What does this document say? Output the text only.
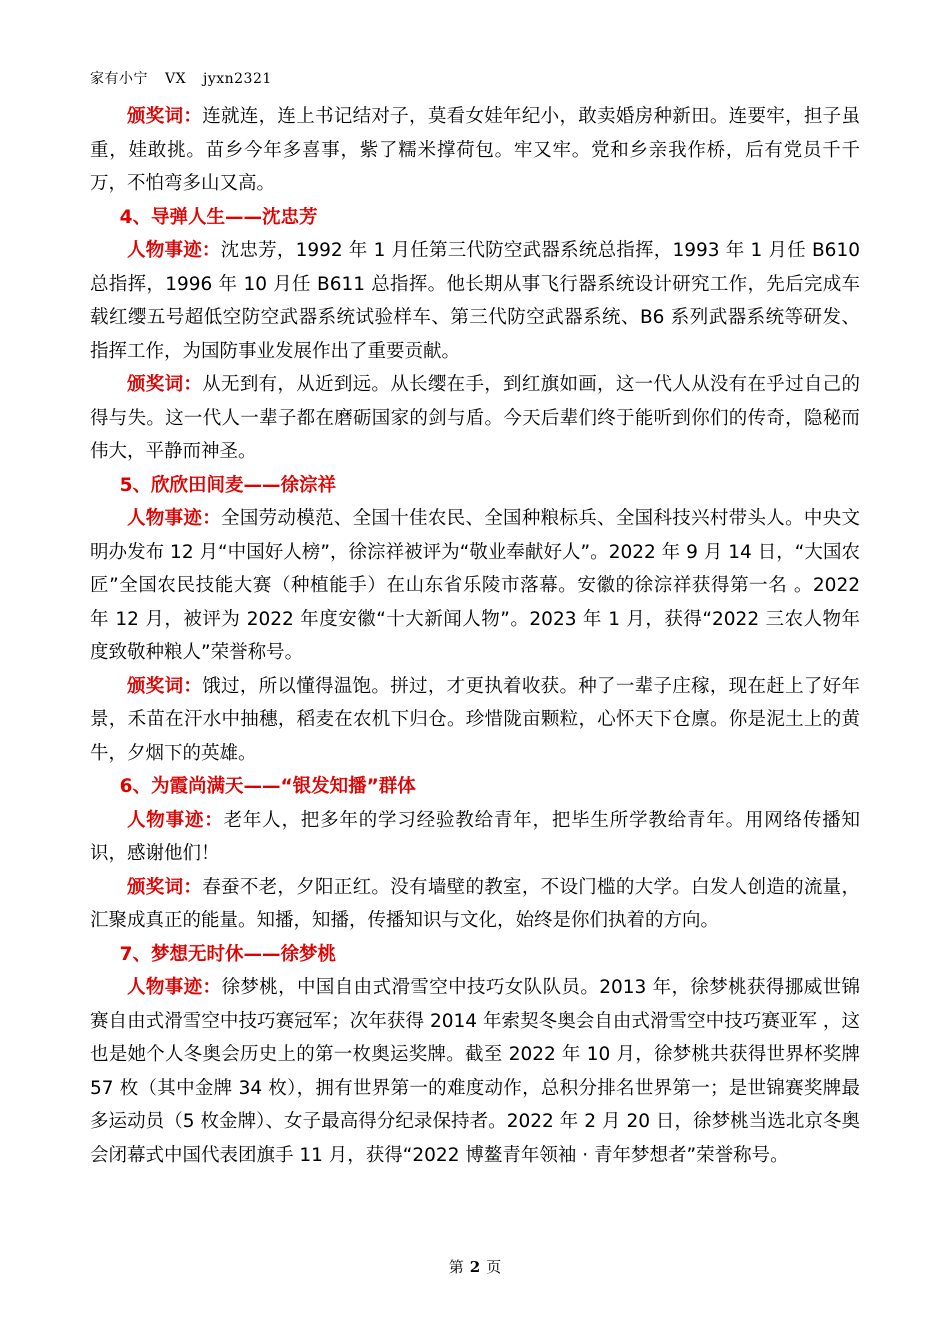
家有小宁 VX jyxn2321

颁奖词：连就连，连上书记结对子，莫看女娃年纪小，敢卖婚房种新田。连要牢，担子虽重，娃敢挑。苗乡今年多喜事，紫了糯米撑荷包。牢又牢。党和乡亲我作桥，后有党员千千万，不怕弯多山又高。

4、导弹人生——沈忠芳

人物事迹：沈忠芳，1992 年 1 月任第三代防空武器系统总指挥，1993 年 1 月任 B610 总指挥，1996 年 10 月任 B611 总指挥。他长期从事飞行器系统设计研究工作，先后完成车载红缨五号超低空防空武器系统试验样车、第三代防空武器系统、B6 系列武器系统等研发、指挥工作，为国防事业发展作出了重要贡献。

颁奖词：从无到有，从近到远。从长缨在手，到红旗如画，这一代人从没有在乎过自己的得与失。这一代人一辈子都在磨砺国家的剑与盾。今天后辈们终于能听到你们的传奇，隐秘而伟大，平静而神圣。

5、欣欣田间麦——徐淙祥

人物事迹：全国劳动模范、全国十佳农民、全国种粮标兵、全国科技兴村带头人。中央文明办发布 12 月“中国好人榜”，徐淙祥被评为“敬业奉献好人”。2022 年 9 月 14 日，“大国农匠”全国农民技能大赛（种植能手）在山东省乐陵市落幕。安徽的徐淙祥获得第一名 。2022 年 12 月，被评为 2022 年度安徽“十大新闻人物”。2023 年 1 月，获得“2022 三农人物年度致敬种粮人”荣誉称号。

颁奖词：饿过，所以懂得温饱。拼过，才更执着收获。种了一辈子庄稼，现在赶上了好年景，禾苗在汗水中抽穗，稻麦在农机下归仓。珍惜陇亩颗粒，心怀天下仓廪。你是泥土上的黄牛，夕烟下的英雄。

6、为霞尚满天——“银发知播”群体

人物事迹：老年人，把多年的学习经验教给青年，把毕生所学教给青年。用网络传播知识，感谢他们！

颁奖词：春蚕不老，夕阳正红。没有墙壁的教室，不设门槛的大学。白发人创造的流量，汇聚成真正的能量。知播，知播，传播知识与文化，始终是你们执着的方向。

7、梦想无时休——徐梦桃

人物事迹：徐梦桃，中国自由式滑雪空中技巧女队队员。2013 年，徐梦桃获得挪威世锦赛自由式滑雪空中技巧赛冠军；次年获得 2014 年索契冬奥会自由式滑雪空中技巧赛亚军 ，这也是她个人冬奥会历史上的第一枚奥运奖牌。截至 2022 年 10 月，徐梦桃共获得世界杯奖牌 57 枚（其中金牌 34 枚），拥有世界第一的难度动作，总积分排名世界第一；是世锦赛奖牌最多运动员（5 枚金牌）、女子最高得分纪录保持者。2022 年 2 月 20 日，徐梦桃当选北京冬奥会闭幕式中国代表团旗手 11 月，获得“2022 博鳌青年领袖 · 青年梦想者”荣誉称号。

第 2 页
